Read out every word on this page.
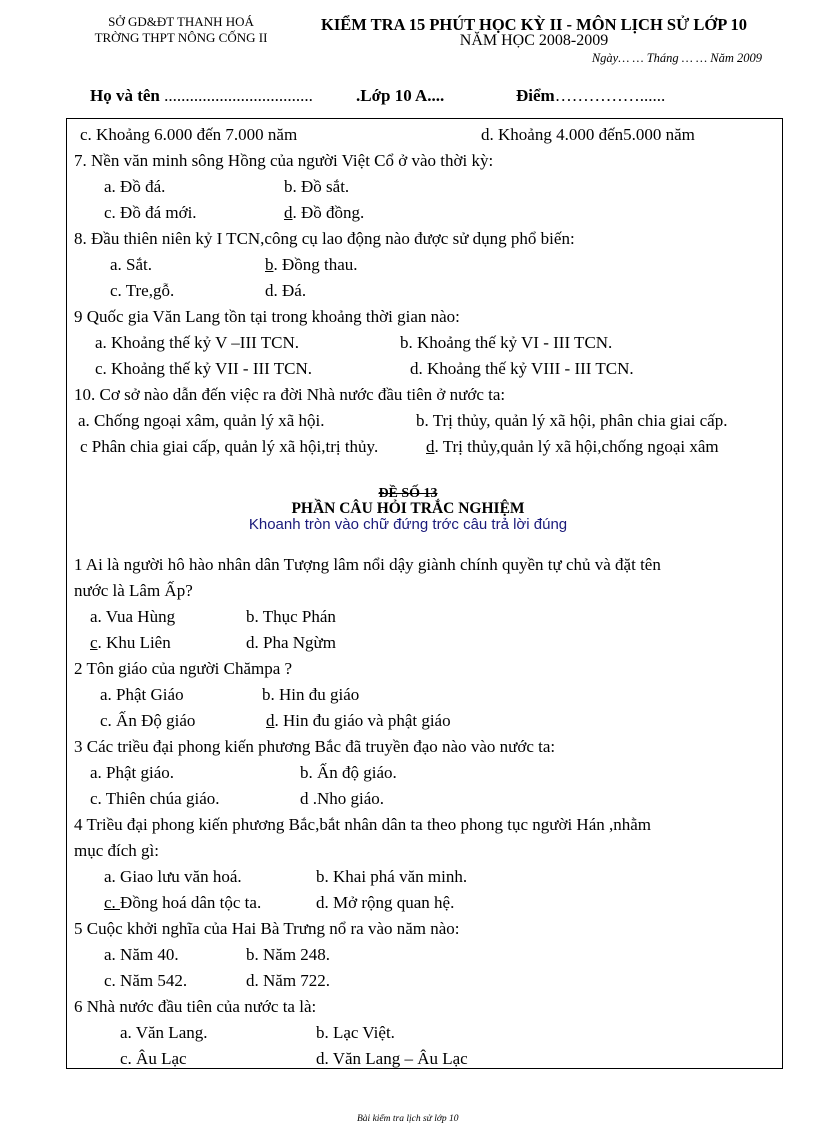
SỞ GD&ĐT THANH HOÁ
TRỜNG THPT NÔNG CỐNG II
KIỂM TRA 15 PHÚT HỌC KỲ II - MÔN LỊCH SỬ LỚP 10
NĂM HỌC 2008-2009
Ngày… … Tháng … … Năm 2009
Họ và tên ...................................	.Lớp 10 A....	Điểm……………......
c. Khoảng 6.000 đến 7.000 năm	d. Khoảng 4.000 đến5.000 năm
7. Nền văn minh sông Hồng của người Việt Cổ ở vào thời kỳ:
a. Đồ đá.	b. Đồ sắt.
c. Đồ đá mới.	d. Đồ đồng.
8. Đầu thiên niên kỷ I TCN,công cụ lao động nào được sử dụng phổ biến:
a. Sắt.	b. Đồng thau.
c. Tre,gỗ.	d. Đá.
9 Quốc gia Văn Lang tồn tại trong khoảng thời gian nào:
a. Khoảng thế kỷ V –III TCN.	b. Khoảng thế kỷ VI - III TCN.
c. Khoảng thế kỷ VII - III TCN.	d. Khoảng thế kỷ VIII - III TCN.
10. Cơ sở nào dẫn đến việc ra đời Nhà nước đầu tiên ở nước ta:
a. Chống ngoại xâm, quản lý xã hội.	b. Trị thủy, quản lý xã hội, phân chia giai cấp.
c Phân chia giai cấp, quản lý xã hội,trị thủy.	d. Trị thủy,quản lý xã hội,chống ngoại xâm
ĐỀ SỐ 13
PHẦN CÂU HỎI TRẮC NGHIỆM
Khoanh tròn vào chữ đứng trớc câu trả lời đúng
1 Ai là người hô hào nhân dân Tượng lâm nổi dậy giành chính quyền tự chủ và đặt tên
nước là Lâm Ấp?
a. Vua Hùng	b. Thục Phán
c. Khu Liên	d. Pha Ngừm
2 Tôn giáo của người Chămpa ?
a. Phật Giáo	b. Hin đu giáo
c. Ấn Độ giáo	d. Hin đu giáo và phật giáo
3 Các triều đại phong kiến phương Bắc đã truyền đạo nào vào nước ta:
a. Phật giáo.	b. Ấn độ giáo.
c. Thiên chúa giáo.	d .Nho giáo.
4 Triều đại phong kiến phương Bắc,bắt nhân dân ta theo phong tục người Hán ,nhằm
mục đích gì:
a. Giao lưu văn hoá.	b. Khai phá văn minh.
c. Đồng hoá dân tộc ta.	d. Mở rộng quan hệ.
5 Cuộc khởi nghĩa của Hai Bà Trưng nổ ra vào năm nào:
a. Năm 40.	b. Năm 248.
c. Năm 542.	d. Năm 722.
6 Nhà nước đầu tiên của nước ta là:
a. Văn Lang.	b. Lạc Việt.
c. Âu Lạc	d. Văn Lang – Âu Lạc
Bài kiểm tra lịch sử lớp 10
